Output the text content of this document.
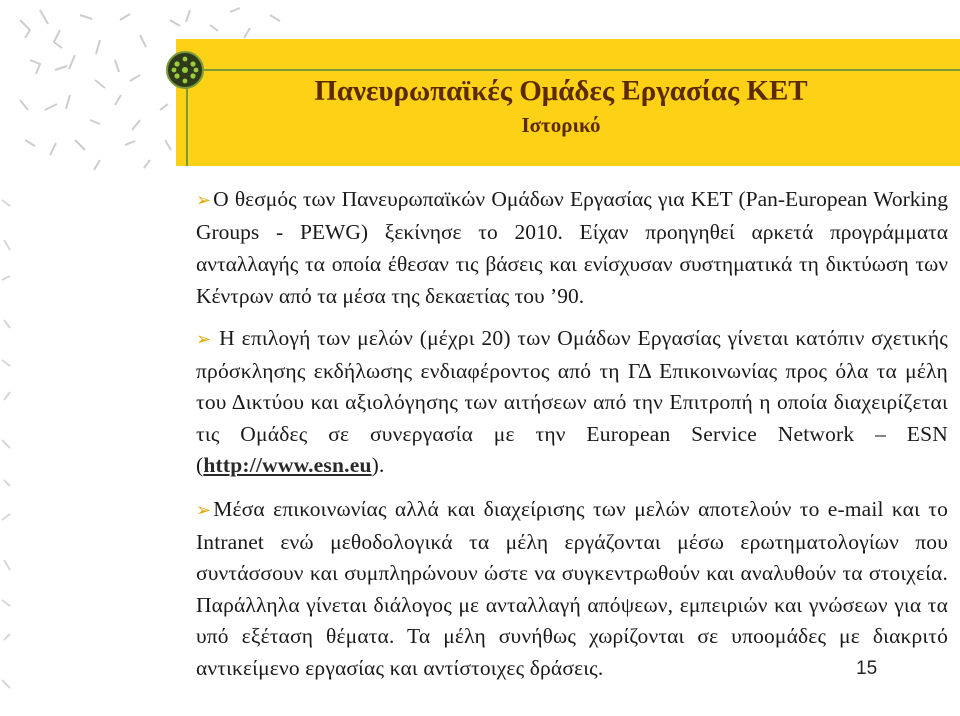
Πανευρωπαϊκές Ομάδες Εργασίας ΚΕΤ
Ιστορικό

➢Ο θεσμός των Πανευρωπαϊκών Ομάδων Εργασίας για ΚΕΤ (Pan-European Working Groups - PEWG) ξεκίνησε το 2010. Είχαν προηγηθεί αρκετά προγράμματα ανταλλαγής τα οποία έθεσαν τις βάσεις και ενίσχυσαν συστηματικά τη δικτύωση των Κέντρων από τα μέσα της δεκαετίας του ’90.

➢ Η επιλογή των μελών (μέχρι 20) των Ομάδων Εργασίας γίνεται κατόπιν σχετικής πρόσκλησης εκδήλωσης ενδιαφέροντος από τη ΓΔ Επικοινωνίας προς όλα τα μέλη του Δικτύου και αξιολόγησης των αιτήσεων από την Επιτροπή η οποία διαχειρίζεται τις Ομάδες σε συνεργασία με την European Service Network – ESN (http://www.esn.eu).

➢Μέσα επικοινωνίας αλλά και διαχείρισης των μελών αποτελούν το e-mail και το Intranet ενώ μεθοδολογικά τα μέλη εργάζονται μέσω ερωτηματολογίων που συντάσσουν και συμπληρώνουν ώστε να συγκεντρωθούν και αναλυθούν τα στοιχεία. Παράλληλα γίνεται διάλογος με ανταλλαγή απόψεων, εμπειριών και γνώσεων για τα υπό εξέταση θέματα. Τα μέλη συνήθως χωρίζονται σε υποομάδες με διακριτό αντικείμενο εργασίας και αντίστοιχες δράσεις.	15
